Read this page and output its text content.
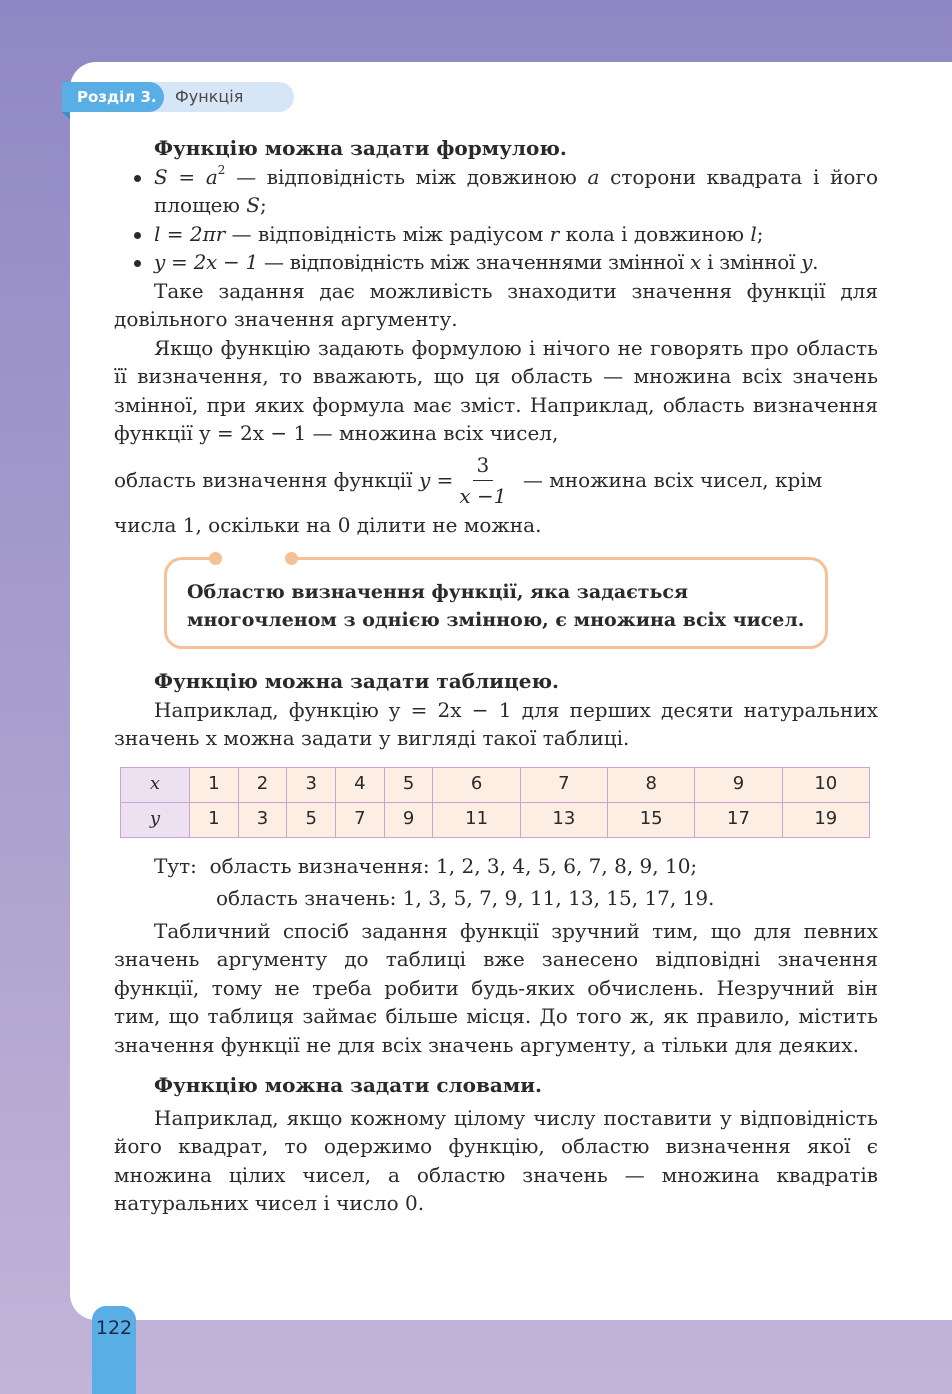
Розділ 3.	Функція

Функцію можна задати формулою.

$S = a^2$ — відповідність між довжиною a сторони квадрата і його площею S;
l = 2πr — відповідність між радіусом r кола і довжиною l;
y = 2x − 1 — відповідність між значеннями змінної x і змінної y.

Таке задання дає можливість знаходити значення функції для довільного значення аргументу.

Якщо функцію задають формулою і нічого не говорять про область її визначення, то вважають, що ця область — множина всіх значень змінної, при яких формула має зміст. Наприклад, область визначення функції y = 2x − 1 — множина всіх чисел,

область визначення функції $y = \frac{3}{x -1}$ — множина всіх чисел, крім

числа 1, оскільки на 0 ділити не можна.

Областю визначення функції, яка задається многочленом з однією змінною, є множина всіх чисел.

Функцію можна задати таблицею.

Наприклад, функцію y = 2x − 1 для перших десяти натуральних значень x можна задати у вигляді такої таблиці.

x	1	2	3	4	5	6	7	8	9	10
y	1	3	5	7	9	11	13	15	17	19

Тут:  область визначення: 1, 2, 3, 4, 5, 6, 7, 8, 9, 10;

область значень: 1, 3, 5, 7, 9, 11, 13, 15, 17, 19.

Табличний спосіб задання функції зручний тим, що для певних значень аргументу до таблиці вже занесено відповідні значення функції, тому не треба робити будь-яких обчислень. Незручний він тим, що таблиця займає більше місця. До того ж, як правило, містить значення функції не для всіх значень аргументу, а тільки для деяких.

Функцію можна задати словами.

Наприклад, якщо кожному цілому числу поставити у відповідність його квадрат, то одержимо функцію, областю визначення якої є множина цілих чисел, а областю значень — множина квадратів натуральних чисел і число 0.

122
